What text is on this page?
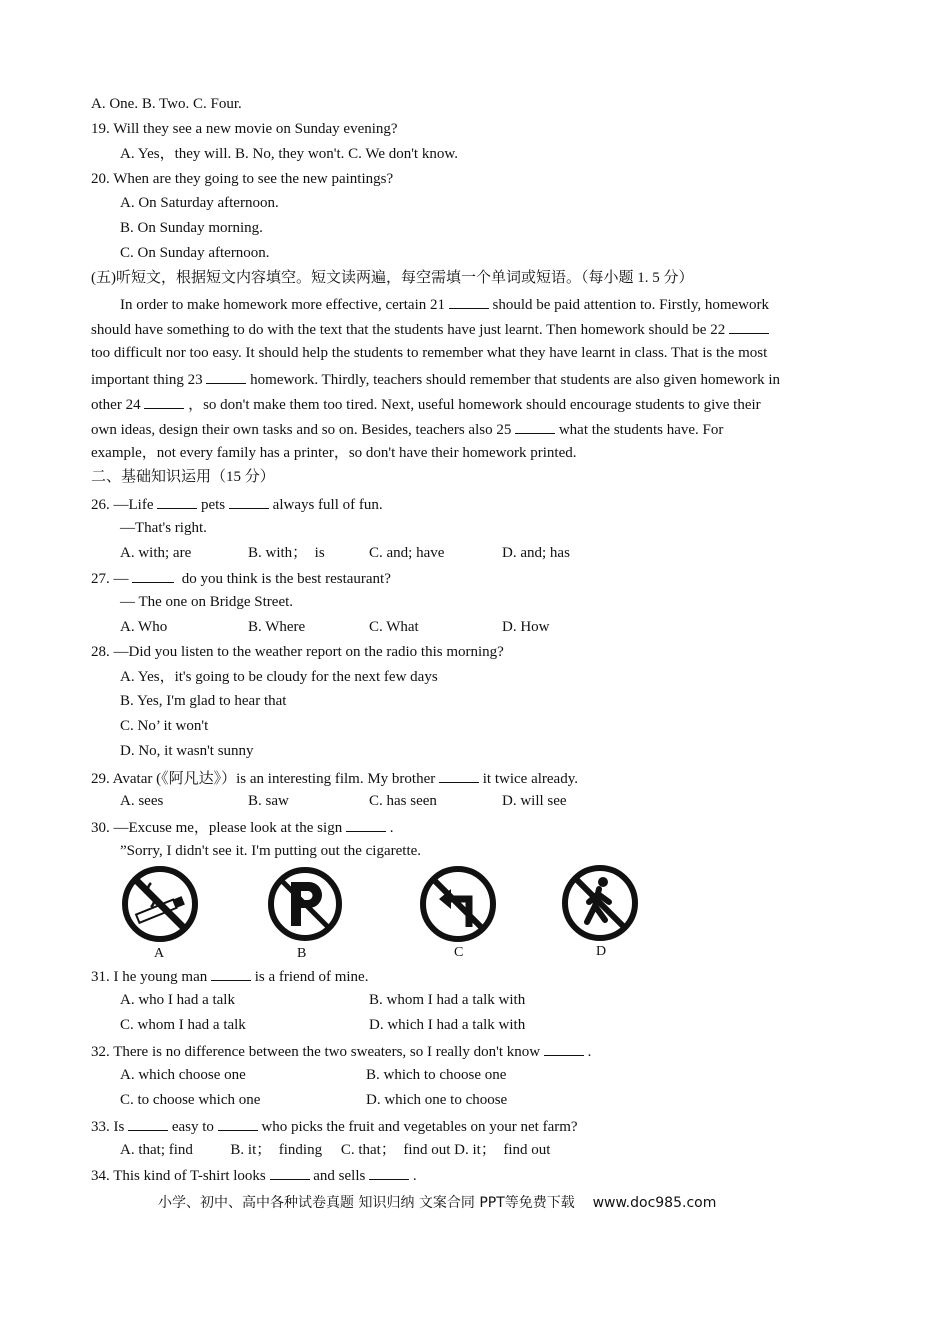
A. One. B. Two. C. Four.
19. Will they see a new movie on Sunday evening?
A. Yes，they will. B. No, they won't. C. We don't know.
20. When are they going to see the new paintings?
A. On Saturday afternoon.
B. On Sunday morning.
C. On Sunday afternoon.
(五)听短文，根据短文内容填空。短文读两遍，每空需填一个单词或短语。（每小题 1. 5 分）
In order to make homework more effective, certain 21	should be paid attention to. Firstly, homework
should have something to do with the text that the students have just learnt. Then homework should be 22
too difficult nor too easy. It should help the students to remember what they have learnt in class. That is the most
important thing 23	homework. Thirdly, teachers should remember that students are also given homework in
other 24	，so don't make them too tired. Next, useful homework should encourage students to give their
own ideas, design their own tasks and so on. Besides, teachers also 25	what the students have. For
example，not every family has a printer，so don't have their homework printed.
二、基础知识运用（15 分）
26. —Life	pets	always full of fun.
—That's right.
A. with; are	B. with；  is	C. and; have	D. and; has
27. —	do you think is the best restaurant?
— The one on Bridge Street.
A. Who	B. Where	C. What	D. How
28. —Did you listen to the weather report on the radio this morning?
A. Yes，it's going to be cloudy for the next few days
B. Yes, I'm glad to hear that
C. No’ it won't
D. No, it wasn't sunny
29. Avatar (《阿凡达》）is an interesting film. My brother	it twice already.
A. sees	B. saw	C. has seen	D. will see
30. —Excuse me，please look at the sign	.
”Sorry, I didn't see it. I'm putting out the cigarette.
A	B	C	D
31. I he young man	is a friend of mine.
A. who I had a talk	B. whom I had a talk with
C. whom I had a talk	D. which I had a talk with
32. There is no difference between the two sweaters, so I really don't know	.
A. which choose one	B. which to choose one
C. to choose which one	D. which one to choose
33. Is	easy to	who picks the fruit and vegetables on your net farm?
A. that; find          B. it；  finding     C. that；  find out D. it；  find out
34. This kind of T-shirt looks	and sells	.
小学、初中、高中各种试卷真题 知识归纳 文案合同 PPT等免费下载 www.doc985.com
